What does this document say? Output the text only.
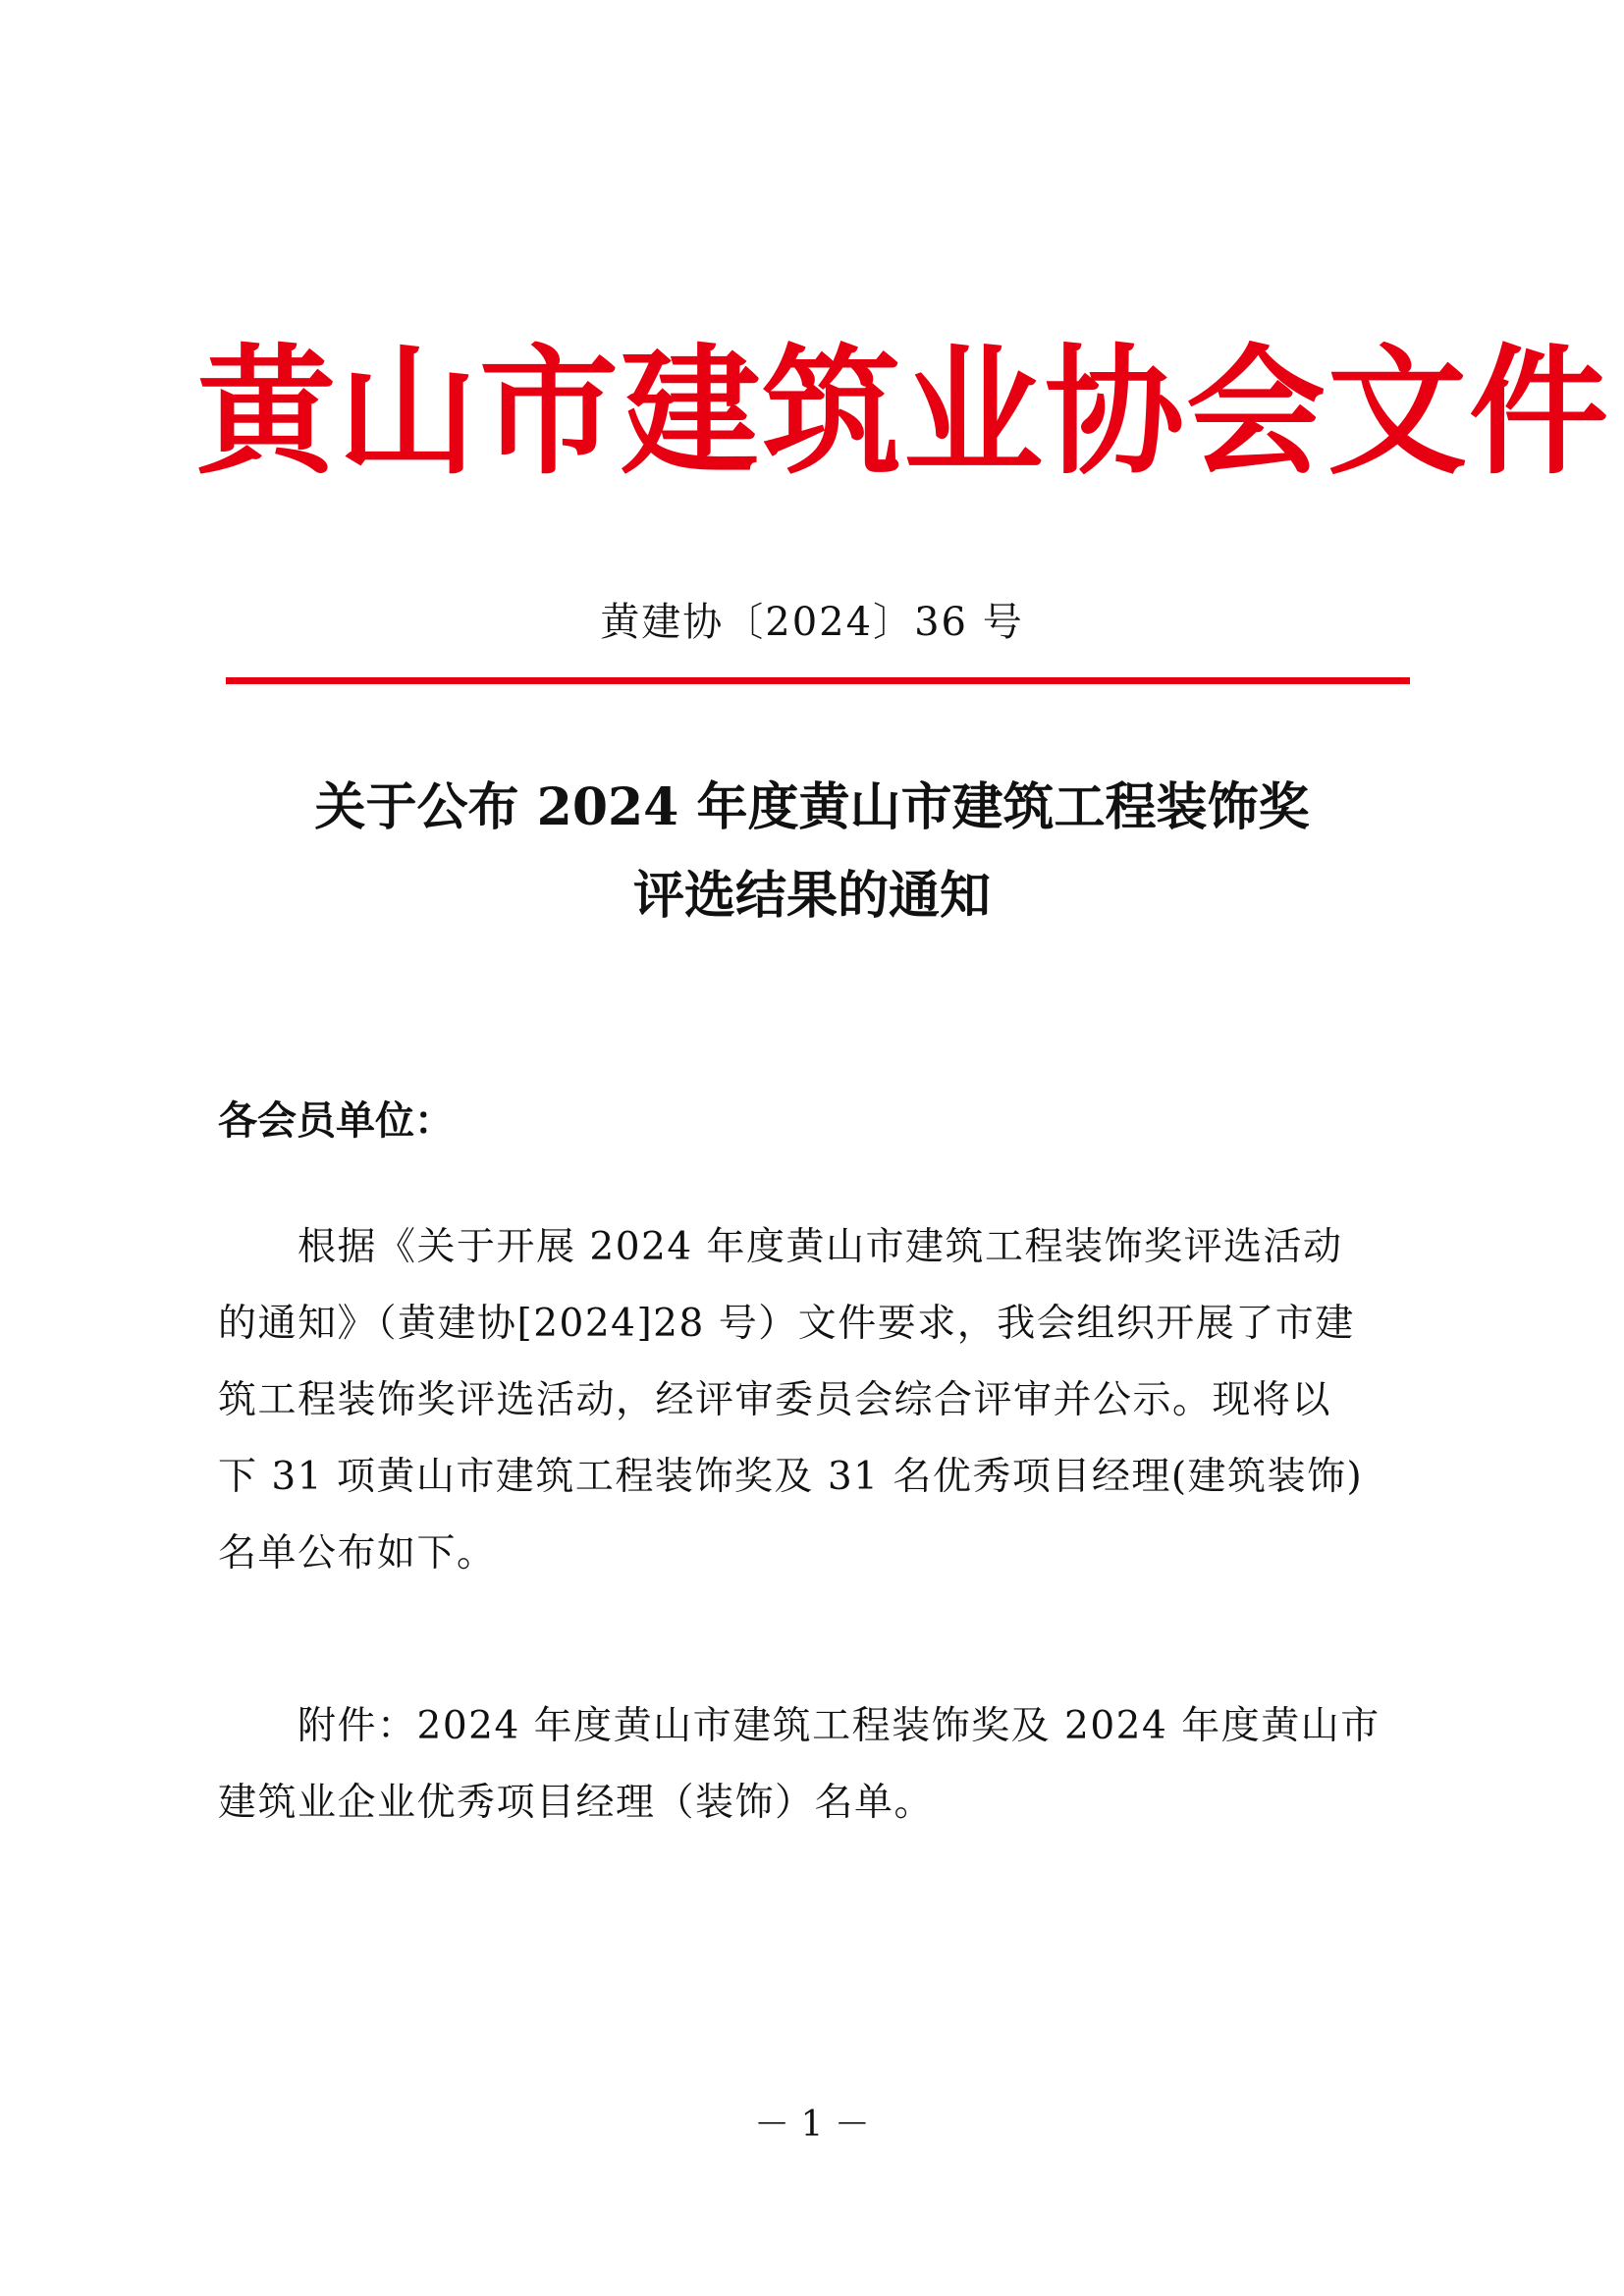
黄山市建筑业协会文件
黄建协〔2024〕36 号
关于公布 2024 年度黄山市建筑工程装饰奖
评选结果的通知
各会员单位：
　　根据《关于开展 2024 年度黄山市建筑工程装饰奖评选活动
的通知》（黄建协[2024]28 号）文件要求，我会组织开展了市建
筑工程装饰奖评选活动，经评审委员会综合评审并公示。现将以
下 31 项黄山市建筑工程装饰奖及 31 名优秀项目经理(建筑装饰)
名单公布如下。
　　附件：2024 年度黄山市建筑工程装饰奖及 2024 年度黄山市
建筑业企业优秀项目经理（装饰）名单。
－ 1 －
